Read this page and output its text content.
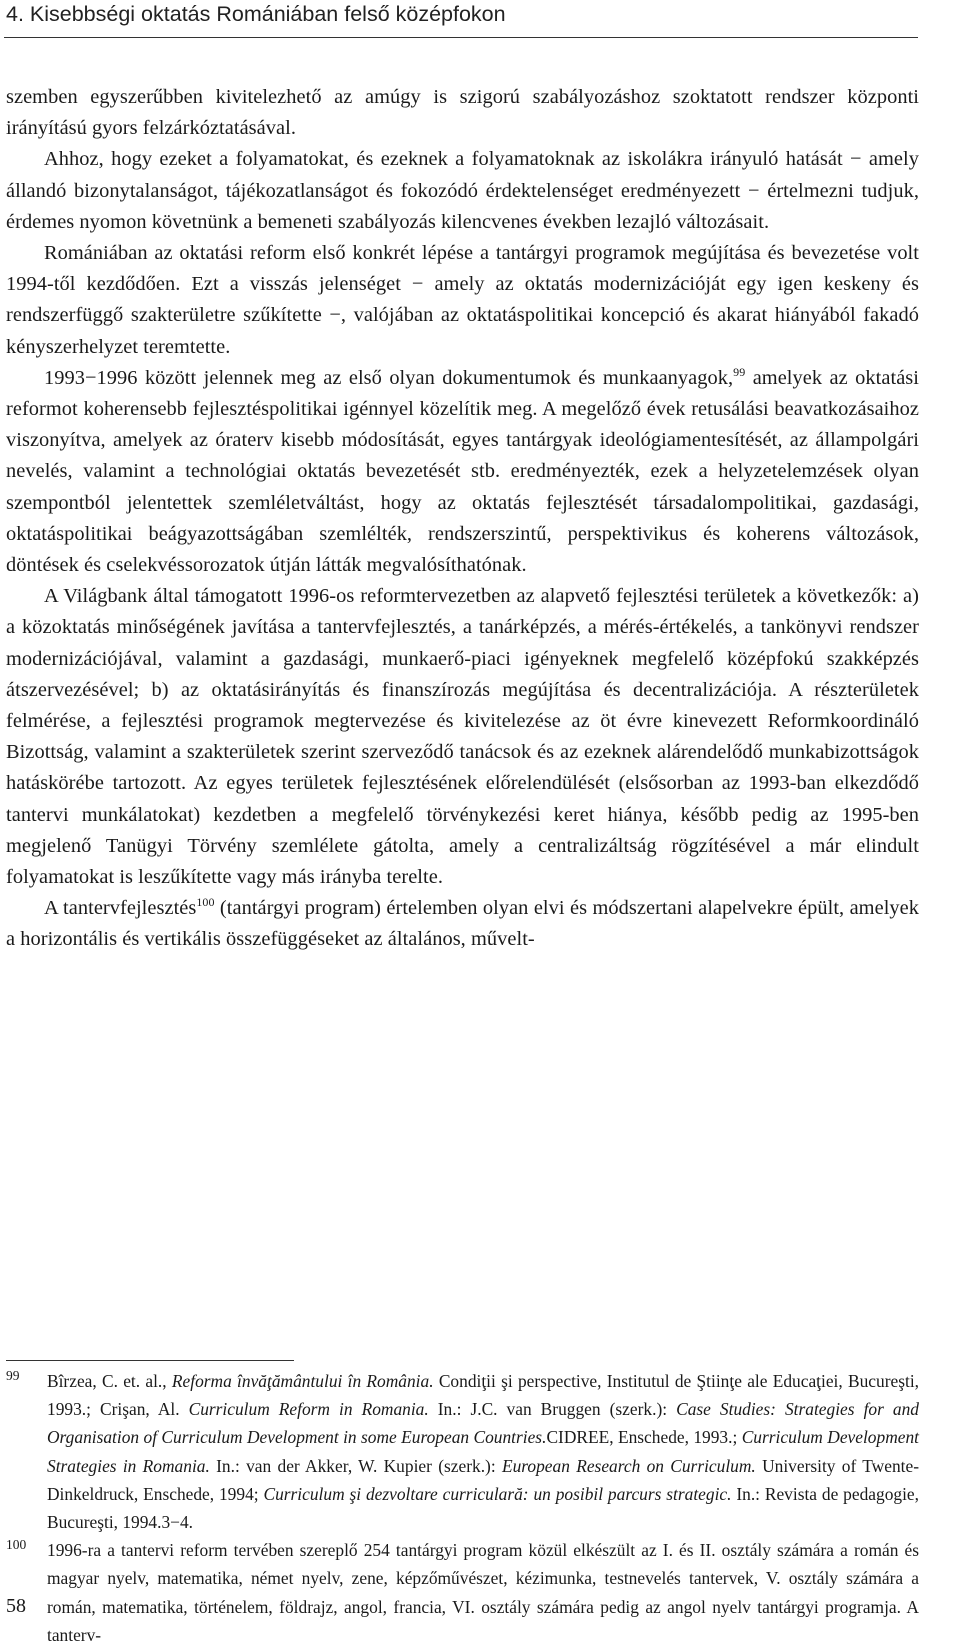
4. Kisebbségi oktatás Romániában felső középfokon

szemben egyszerűbben kivitelezhető az amúgy is szigorú szabályozáshoz szoktatott rendszer központi irányítású gyors felzárkóztatásával.

Ahhoz, hogy ezeket a folyamatokat, és ezeknek a folyamatoknak az iskolákra irányuló hatását − amely állandó bizonytalanságot, tájékozatlanságot és fokozódó érdektelenséget eredményezett − értelmezni tudjuk, érdemes nyomon követnünk a bemeneti szabályozás kilencvenes években lezajló változásait.

Romániában az oktatási reform első konkrét lépése a tantárgyi programok megújítása és bevezetése volt 1994-től kezdődően. Ezt a visszás jelenséget − amely az oktatás modernizációját egy igen keskeny és rendszerfüggő szakterületre szűkítette −, valójában az oktatáspolitikai koncepció és akarat hiányából fakadó kényszerhelyzet teremtette.

1993−1996 között jelennek meg az első olyan dokumentumok és munkaanyagok,$^{99}$ amelyek az oktatási reformot koherensebb fejlesztéspolitikai igénnyel közelítik meg. A megelőző évek retusálási beavatkozásaihoz viszonyítva, amelyek az óraterv kisebb módosítását, egyes tantárgyak ideológiamentesítését, az állampolgári nevelés, valamint a technológiai oktatás bevezetését stb. eredményezték, ezek a helyzetelemzések olyan szempontból jelentettek szemléletváltást, hogy az oktatás fejlesztését társadalompolitikai, gazdasági, oktatáspolitikai beágyazottságában szemlélték, rendszerszintű, perspektivikus és koherens változások, döntések és cselekvéssorozatok útján látták megvalósíthatónak.

A Világbank által támogatott 1996-os reformtervezetben az alapvető fejlesztési területek a következők: a) a közoktatás minőségének javítása a tantervfejlesztés, a tanárképzés, a mérés-értékelés, a tankönyvi rendszer modernizációjával, valamint a gazdasági, munkaerő-piaci igényeknek megfelelő középfokú szakképzés átszervezésével; b) az oktatásirányítás és finanszírozás megújítása és decentralizációja. A részterületek felmérése, a fejlesztési programok megtervezése és kivitelezése az öt évre kinevezett Reformkoordináló Bizottság, valamint a szakterületek szerint szerveződő tanácsok és az ezeknek alárendelődő munkabizottságok hatáskörébe tartozott. Az egyes területek fejlesztésének előrelendülését (elsősorban az 1993-ban elkezdődő tantervi munkálatokat) kezdetben a megfelelő törvénykezési keret hiánya, később pedig az 1995-ben megjelenő Tanügyi Törvény szemlélete gátolta, amely a centralizáltság rögzítésével a már elindult folyamatokat is leszűkítette vagy más irányba terelte.

A tantervfejlesztés$^{100}$ (tantárgyi program) értelemben olyan elvi és módszertani alapelvekre épült, amelyek a horizontális és vertikális összefüggéseket az általános, művelt-

99 Bîrzea, C. et. al., Reforma învăţământului în România. Condiţii şi perspective, Institutul de Ştiinţe ale Educaţiei, Bucureşti, 1993.; Crişan, Al. Curriculum Reform in Romania. In.: J.C. van Bruggen (szerk.): Case Studies: Strategies for and Organisation of Curriculum Development in some European Countries.CIDREE, Enschede, 1993.; Curriculum Development Strategies in Romania. In.: van der Akker, W. Kupier (szerk.): European Research on Curriculum. University of Twente-Dinkeldruck, Enschede, 1994; Curriculum şi dezvoltare curriculară: un posibil parcurs strategic. In.: Revista de pedagogie, Bucureşti, 1994.3−4.

100 1996-ra a tantervi reform tervében szereplő 254 tantárgyi program közül elkészült az I. és II. osztály számára a román és magyar nyelv, matematika, német nyelv, zene, képzőművészet, kézimunka, testnevelés tantervek, V. osztály számára a román, matematika, történelem, földrajz, angol, francia, VI. osztály számára pedig az angol nyelv tantárgyi programja. A tanterv-

58
